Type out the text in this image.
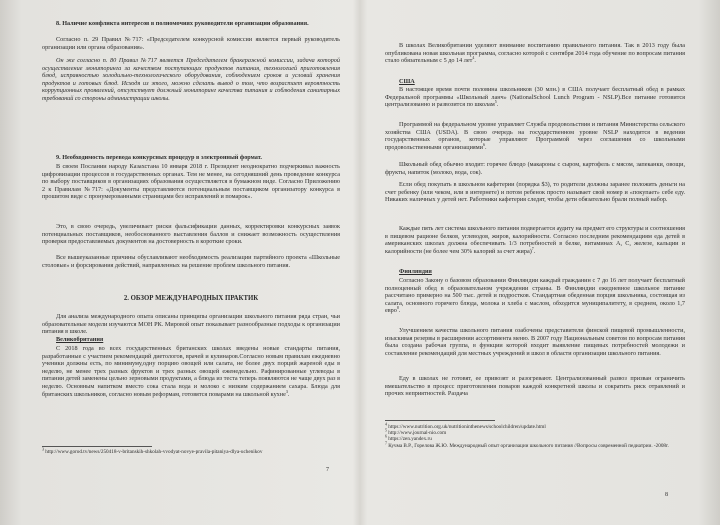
8. Наличие конфликта интересов в полномочиях руководители организации образования.

Согласно п. 29 Правил №717: «Председателем конкурсной комиссии является первый руководитель организации или органа образования».

Он же согласно п. 80 Правил №717 является Председателем бракеражной комиссии, задача которой осуществление мониторинга за качеством поступающих продуктов питания, технологией приготовления блюд, исправностью холодильно-технологического оборудования, соблюдением сроков и условий хранения продуктов и готовых блюд. Исходя из этого, можно сделать вывод о том, что возрастает вероятность коррупционных проявлений, отсутствует должный мониторинг качества питания и соблюдения санитарных требований со стороны администрации школы.

9. Необходимость перевода конкурсных процедур в электронный формат.

В своем Послании народу Казахстана 10 января 2018 г. Президент неоднократно подчеркивал важность цифровизации процессов в государственных органах. Тем не менее, на сегодняшний день проведение конкурса по выбору поставщиков в организациях образования осуществляется в бумажном виде. Согласно Приложению 2 к Правилам №717: «Документы представляются потенциальным поставщиком организатору конкурса в прошитом виде с пронумерованными страницами без исправлений и помарок».

Это, в свою очередь, увеличивает риски фальсификации данных, корректировки конкурсных заявок потенциальных поставщиков, необоснованного выставления баллов и снижает возможность осуществления проверки предоставляемых документов на достоверность в короткие сроки.

Все вышеуказанные причины обуславливают необходимость реализации партийного проекта «Школьные столовые» и форсирования действий, направленных на решение проблем школьного питания.

2. ОБЗОР МЕЖДУНАРОДНЫХ ПРАКТИК

Для анализа международного опыта описаны принципы организации школьного питания ряда стран, чьи образовательные модели изучаются МОН РК. Мировой опыт показывает разнообразные подходы к организации питания в школе.

Великобритания

С 2018 года во всех государственных британских школах введены новые стандарты питания, разработанные с участием рекомендаций диетологов, врачей и кулинаров.Согласно новым правилам ежедневно ученики должны есть, по минимуму,одну порцию овощей или салата, не более двух порций жареной еды в неделю, не менее трех разных фруктов и трех разных овощей еженедельно. Рафинированные углеводы в питании детей заменены цельно зерновыми продуктами, а блюда из теста теперь появляются не чаще двух раз в неделю. Основным напитком вместо сока стала вода и молоко с низким содержанием сахара. Блюда для британских школьников, согласно новым реформам, готовятся поварами на школьной кухне$^3$.

$^3$ http://www.gorod.tv/news/250418-v-britanskih-shkolah-vvodyat-novye-pravila-pitaniya-dlya-uchenikov

7

В школах Великобритании уделяют внимание воспитанию правильного питания. Так в 2013 году была опубликована новая школьная программа, согласно которой с сентября 2014 года обучение по вопросам питания стало обязательным с 5 до 14 лет$^4$.

США

В настоящее время почти половина школьников (30 млн.) в США получает бесплатный обед в рамках Федеральной программы «Школьный ланч» (NationalSchool Lunch Program - NSLP).Все питание готовится централизованно и развозится по школам$^5$.

Программой на федеральном уровне управляет Служба продовольствия и питания Министерства сельского хозяйства США (USDA). В свою очередь на государственном уровне NSLP находится в ведении государственных органов, которые управляют Программой через соглашения со школьными продовольственными организациями$^6$.

Школьный обед обычно входит: горячее блюдо (макароны с сыром, картофель с мясом, запеканки, овощи, фрукты, напиток (молоко, вода, сок).

Если обед покупать в школьном кафетерии (порядка $3), то родители должны заранее положить деньги на счет ребенку (или чеком, или в интернете) и потом ребенок просто называет свой номер и «покупает» себе еду. Никаких наличных у детей нет. Работники кафетерия следят, чтобы дети обязательно брали полный набор.

Каждые пять лет система школьного питания подвергается аудиту на предмет его структуры и соотношения в пищевом рационе белков, углеводов, жиров, калорийности. Согласно последним рекомендациям еда детей в американских школах должна обеспечивать 1/3 потребностей в белке, витаминах А, С, железе, кальции и калорийности (не более чем 30% калорий за счет жира)$^7$.

Финляндия

Согласно Закону о базовом образовании Финляндии каждый гражданин с 7 до 16 лет получает бесплатный полноценный обед в образовательном учреждении страны. В Финляндии ежедневное школьное питание рассчитано примерно на 500 тыс. детей и подростков. Стандартная обеденная порция школьника, состоящая из салата, основного горячего блюда, молока и хлеба с маслом, обходится муниципалитету, в среднем, около 1,7 евро$^8$.

Улучшением качества школьного питания озабочены представители финской пищевой промышленности, изыскивая резервы в расширении ассортимента меню. В 2007 году Национальным советом по вопросам питания была создана рабочая группа, в функции которой входит выявление пищевых потребностей молодежи и составление рекомендаций для местных учреждений и школ в области организации школьного питания.

Еду в школах не готовят, ее привозят и разогревают. Централизованный развоз призван ограничить вмешательство в процесс приготовления поваров каждой конкретной школы и сократить риск отравлений и прочих неприятностей. Раздача

$^4$ https://www.nutrition.org.uk/nutritioninthenews/schoolchildren/update.html

$^5$ http://www.journal-nio.com

$^6$ https://zen.yandex.ru

$^7$ Кучма В.Р., Горелова Ж.Ю. Международный опыт организации школьного питания //Вопросы современной педиатрии. -2008г.

8
